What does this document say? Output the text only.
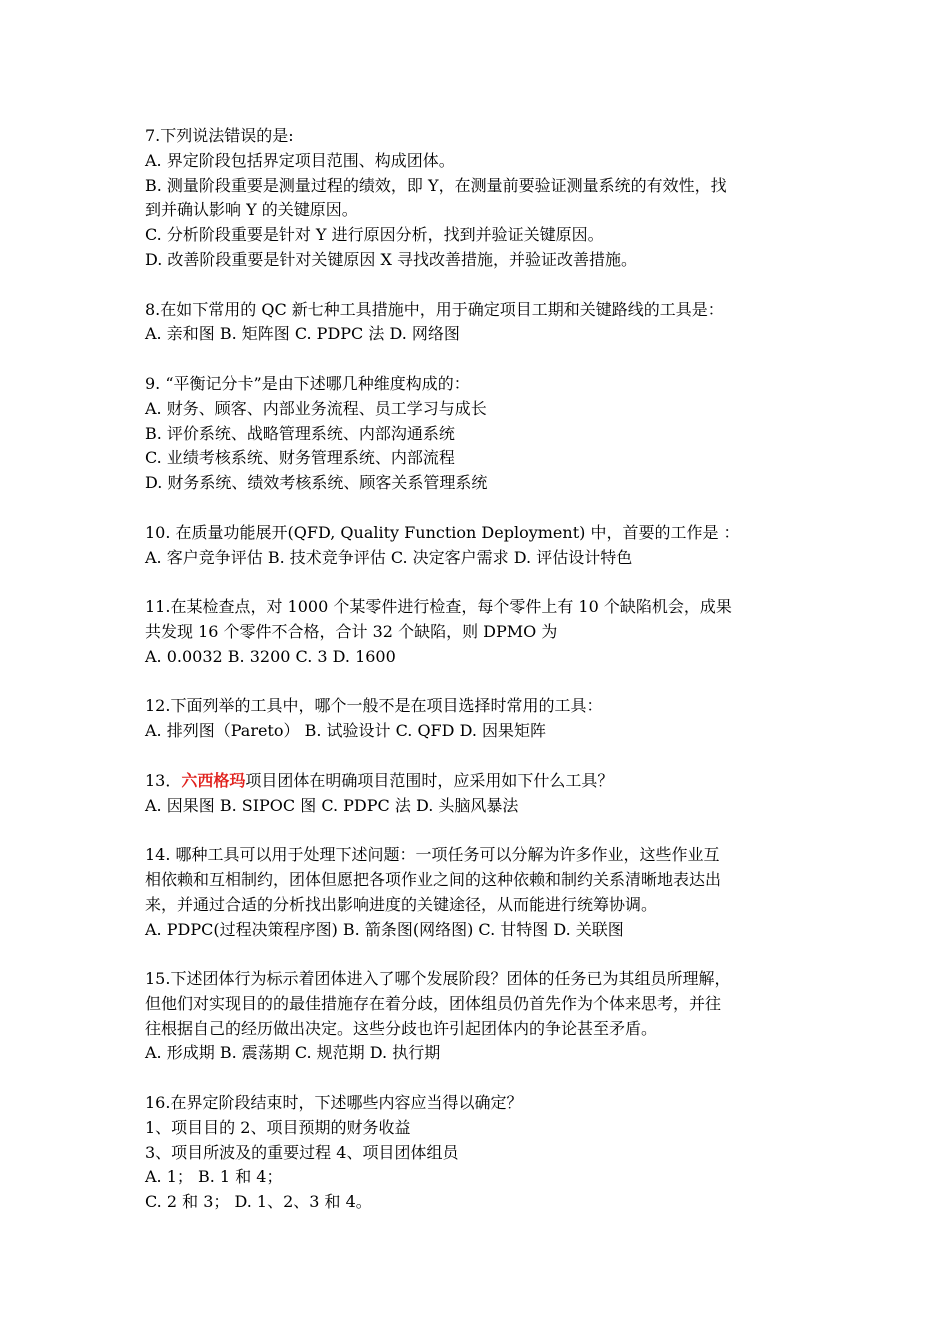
7.下列说法错误的是:
A. 界定阶段包括界定项目范围、构成团体。
B. 测量阶段重要是测量过程的绩效，即 Y，在测量前要验证测量系统的有效性，找
到并确认影响 Y 的关键原因。
C. 分析阶段重要是针对 Y 进行原因分析，找到并验证关键原因。
D. 改善阶段重要是针对关键原因 X 寻找改善措施，并验证改善措施。
8.在如下常用的 QC 新七种工具措施中，用于确定项目工期和关键路线的工具是：
A. 亲和图 B. 矩阵图 C. PDPC 法 D. 网络图
9. “平衡记分卡”是由下述哪几种维度构成的：
A. 财务、顾客、内部业务流程、员工学习与成长
B. 评价系统、战略管理系统、内部沟通系统
C. 业绩考核系统、财务管理系统、内部流程
D. 财务系统、绩效考核系统、顾客关系管理系统
10. 在质量功能展开(QFD, Quality Function Deployment) 中，首要的工作是 ：
A. 客户竞争评估 B. 技术竞争评估 C. 决定客户需求 D. 评估设计特色
11.在某检查点，对 1000 个某零件进行检查，每个零件上有 10 个缺陷机会，成果
共发现 16 个零件不合格，合计 32 个缺陷，则 DPMO 为
A. 0.0032 B. 3200 C. 3 D. 1600
12.下面列举的工具中，哪个一般不是在项目选择时常用的工具：
A. 排列图（Pareto） B. 试验设计 C. QFD D. 因果矩阵
13．六西格玛项目团体在明确项目范围时，应采用如下什么工具？
A. 因果图 B. SIPOC 图 C. PDPC 法 D. 头脑风暴法
14. 哪种工具可以用于处理下述问题：一项任务可以分解为许多作业，这些作业互
相依赖和互相制约，团体但愿把各项作业之间的这种依赖和制约关系清晰地表达出
来，并通过合适的分析找出影响进度的关键途径，从而能进行统筹协调。
A. PDPC(过程决策程序图) B. 箭条图(网络图) C. 甘特图 D. 关联图
15.下述团体行为标示着团体进入了哪个发展阶段？团体的任务已为其组员所理解，
但他们对实现目的的最佳措施存在着分歧，团体组员仍首先作为个体来思考，并往
往根据自己的经历做出决定。这些分歧也许引起团体内的争论甚至矛盾。
A. 形成期 B. 震荡期 C. 规范期 D. 执行期
16.在界定阶段结束时，下述哪些内容应当得以确定？
1、项目目的 2、项目预期的财务收益
3、项目所波及的重要过程 4、项目团体组员
A. 1； B. 1 和 4；
C. 2 和 3； D. 1、2、3 和 4。
